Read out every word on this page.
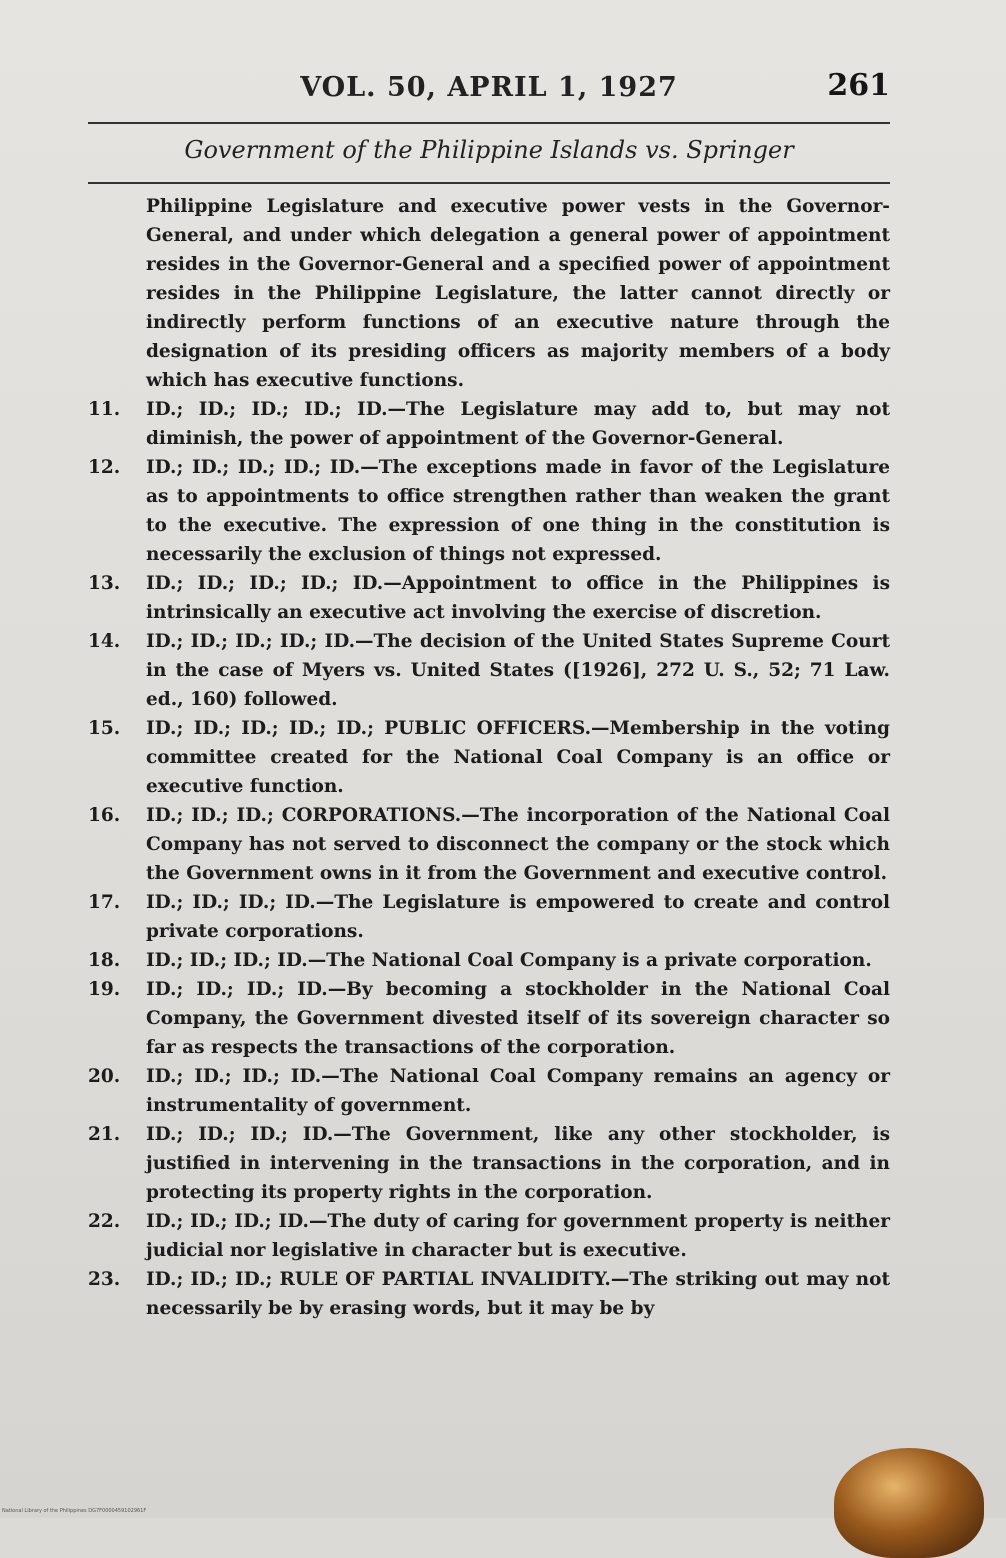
VOL. 50, APRIL 1, 1927	261
Government of the Philippine Islands vs. Springer

Philippine Legislature and executive power vests in the Governor-General, and under which delegation a general power of appointment resides in the Governor-General and a specified power of appointment resides in the Philippine Legislature, the latter cannot directly or indirectly perform functions of an executive nature through the designation of its presiding officers as majority members of a body which has executive functions.

11. ID.; ID.; ID.; ID.; ID.—The Legislature may add to, but may not diminish, the power of appointment of the Governor-General.

12. ID.; ID.; ID.; ID.; ID.—The exceptions made in favor of the Legislature as to appointments to office strengthen rather than weaken the grant to the executive. The expression of one thing in the constitution is necessarily the exclusion of things not expressed.

13. ID.; ID.; ID.; ID.; ID.—Appointment to office in the Philippines is intrinsically an executive act involving the exercise of discretion.

14. ID.; ID.; ID.; ID.; ID.—The decision of the United States Supreme Court in the case of Myers vs. United States ([1926], 272 U. S., 52; 71 Law. ed., 160) followed.

15. ID.; ID.; ID.; ID.; ID.; PUBLIC OFFICERS.—Membership in the voting committee created for the National Coal Company is an office or executive function.

16. ID.; ID.; ID.; CORPORATIONS.—The incorporation of the National Coal Company has not served to disconnect the company or the stock which the Government owns in it from the Government and executive control.

17. ID.; ID.; ID.; ID.—The Legislature is empowered to create and control private corporations.

18. ID.; ID.; ID.; ID.—The National Coal Company is a private corporation.

19. ID.; ID.; ID.; ID.—By becoming a stockholder in the National Coal Company, the Government divested itself of its sovereign character so far as respects the transactions of the corporation.

20. ID.; ID.; ID.; ID.—The National Coal Company remains an agency or instrumentality of government.

21. ID.; ID.; ID.; ID.—The Government, like any other stockholder, is justified in intervening in the transactions in the corporation, and in protecting its property rights in the corporation.

22. ID.; ID.; ID.; ID.—The duty of caring for government property is neither judicial nor legislative in character but is executive.

23. ID.; ID.; ID.; RULE OF PARTIAL INVALIDITY.—The striking out may not necessarily be by erasing words, but it may be by

National Library of the Philippines DG7F0000459102961F
